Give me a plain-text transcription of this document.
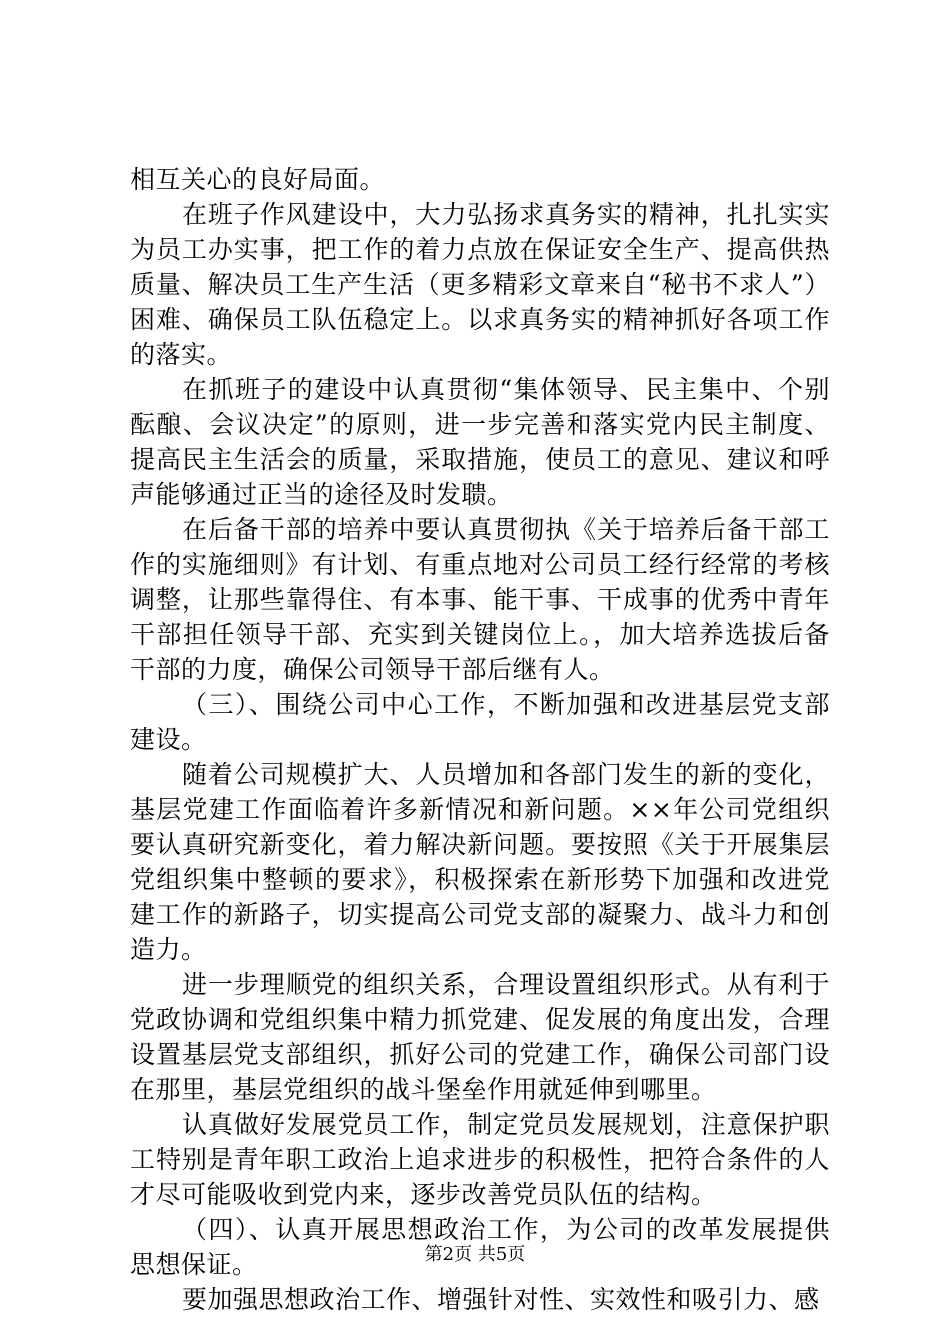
相互关心的良好局面。

在班子作风建设中，大力弘扬求真务实的精神，扎扎实实为员工办实事，把工作的着力点放在保证安全生产、提高供热质量、解决员工生产生活（更多精彩文章来自“秘书不求人”）困难、确保员工队伍稳定上。以求真务实的精神抓好各项工作的落实。

在抓班子的建设中认真贯彻“集体领导、民主集中、个别酝酿、会议决定”的原则，进一步完善和落实党内民主制度、提高民主生活会的质量，采取措施，使员工的意见、建议和呼声能够通过正当的途径及时发聩。

在后备干部的培养中要认真贯彻执《关于培养后备干部工作的实施细则》有计划、有重点地对公司员工经行经常的考核调整，让那些靠得住、有本事、能干事、干成事的优秀中青年干部担任领导干部、充实到关键岗位上。，加大培养选拔后备干部的力度，确保公司领导干部后继有人。

（三）、围绕公司中心工作，不断加强和改进基层党支部建设。

随着公司规模扩大、人员增加和各部门发生的新的变化，基层党建工作面临着许多新情况和新问题。××年公司党组织要认真研究新变化，着力解决新问题。要按照《关于开展集层党组织集中整顿的要求》，积极探索在新形势下加强和改进党建工作的新路子，切实提高公司党支部的凝聚力、战斗力和创造力。

进一步理顺党的组织关系，合理设置组织形式。从有利于党政协调和党组织集中精力抓党建、促发展的角度出发，合理设置基层党支部组织，抓好公司的党建工作，确保公司部门设在那里，基层党组织的战斗堡垒作用就延伸到哪里。

认真做好发展党员工作，制定党员发展规划，注意保护职工特别是青年职工政治上追求进步的积极性，把符合条件的人才尽可能吸收到党内来，逐步改善党员队伍的结构。

（四）、认真开展思想政治工作，为公司的改革发展提供思想保证。

要加强思想政治工作、增强针对性、实效性和吸引力、感

第2页 共5页
